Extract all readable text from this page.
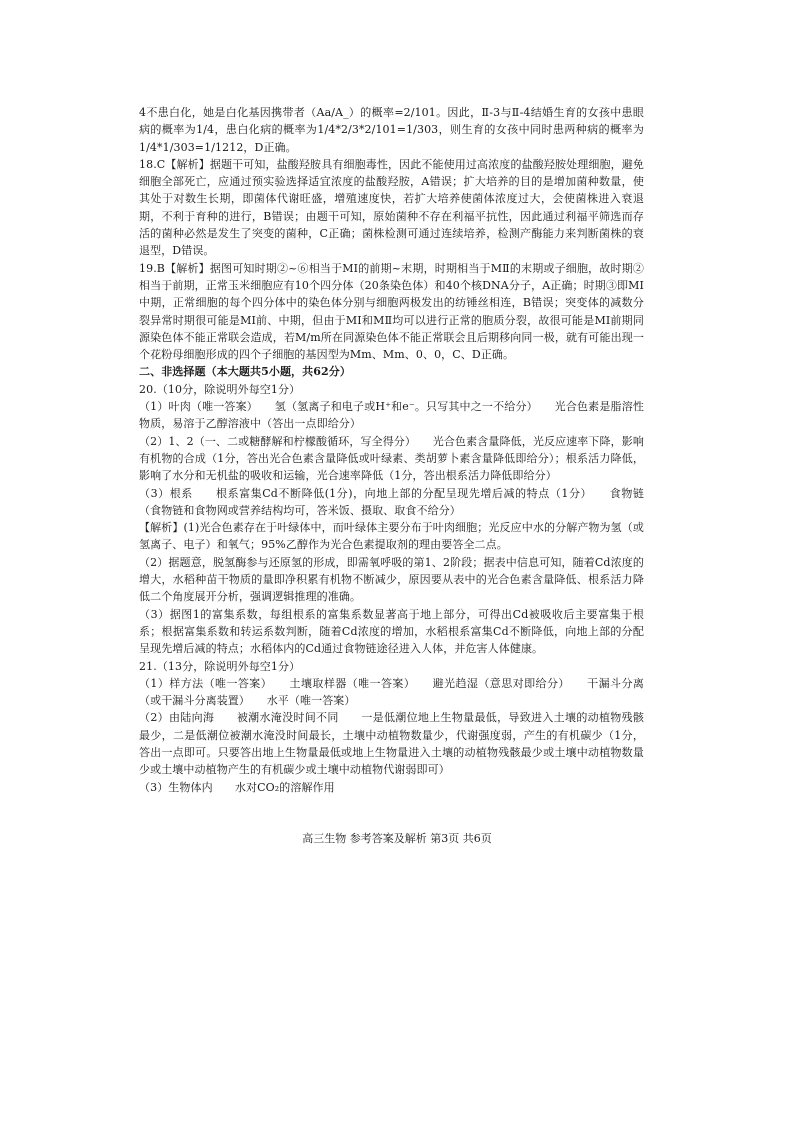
4不患白化，她是白化基因携带者（Aa/A_）的概率=2/101。因此，Ⅱ-3与Ⅱ-4结婚生育的女孩中患眼病的概率为1/4，患白化病的概率为1/4*2/3*2/101=1/303，则生育的女孩中同时患两种病的概率为1/4*1/303=1/1212，D正确。

18.C【解析】据题干可知，盐酸羟胺具有细胞毒性，因此不能使用过高浓度的盐酸羟胺处理细胞，避免细胞全部死亡，应通过预实验选择适宜浓度的盐酸羟胺，A错误；扩大培养的目的是增加菌种数量，使其处于对数生长期，即菌体代谢旺盛，增殖速度快，若扩大培养使菌体浓度过大，会使菌株进入衰退期，不利于育种的进行，B错误；由题干可知，原始菌种不存在利福平抗性，因此通过利福平筛选而存活的菌种必然是发生了突变的菌种，C正确；菌株检测可通过连续培养，检测产酶能力来判断菌株的衰退型，D错误。

19.B【解析】据图可知时期②~⑥相当于MI的前期~末期，时期相当于MⅡ的末期或子细胞，故时期②相当于前期，正常玉米细胞应有10个四分体（20条染色体）和40个核DNA分子，A正确；时期③即MI中期，正常细胞的每个四分体中的染色体分别与细胞两极发出的纺锤丝相连，B错误；突变体的减数分裂异常时期很可能是MI前、中期，但由于MI和MⅡ均可以进行正常的胞质分裂，故很可能是MI前期同源染色体不能正常联会造成，若M/m所在同源染色体不能正常联会且后期移向同一极，就有可能出现一个花粉母细胞形成的四个子细胞的基因型为Mm、Mm、0、0，C、D正确。

二、非选择题（本大题共5小题，共62分）

20.（10分，除说明外每空1分）

（1）叶肉（唯一答案）　　氢（氢离子和电子或H⁺和e⁻。只写其中之一不给分）　　光合色素是脂溶性物质，易溶于乙醇溶液中（答出一点即给分）

（2）1、2（一、二或糖酵解和柠檬酸循环，写全得分）　　光合色素含量降低，光反应速率下降，影响有机物的合成（1分，答出光合色素含量降低或叶绿素、类胡萝卜素含量降低即给分）；根系活力降低，影响了水分和无机盐的吸收和运输，光合速率降低（1分，答出根系活力降低即给分）

（3）根系　　根系富集Cd不断降低(1分)，向地上部的分配呈现先增后减的特点（1分）　　食物链（食物链和食物网或营养结构均可，答米饭、摄取、取食不给分）

【解析】(1)光合色素存在于叶绿体中，而叶绿体主要分布于叶肉细胞；光反应中水的分解产物为氢（或氢离子、电子）和氧气；95%乙醇作为光合色素提取剂的理由要答全二点。

（2）据题意，脱氢酶参与还原氢的形成，即需氧呼吸的第1、2阶段；据表中信息可知，随着Cd浓度的增大，水稻种苗干物质的量即净积累有机物不断减少，原因要从表中的光合色素含量降低、根系活力降低二个角度展开分析，强调逻辑推理的准确。

（3）据图1的富集系数，每组根系的富集系数显著高于地上部分，可得出Cd被吸收后主要富集于根系；根据富集系数和转运系数判断，随着Cd浓度的增加，水稻根系富集Cd不断降低，向地上部的分配呈现先增后减的特点；水稻体内的Cd通过食物链途径进入人体，并危害人体健康。

21.（13分，除说明外每空1分）

（1）样方法（唯一答案）　　土壤取样器（唯一答案）　　避光趋湿（意思对即给分）　　干漏斗分离（或干漏斗分离装置）　　水平（唯一答案）

（2）由陆向海　　被潮水淹没时间不同　　一是低潮位地上生物量最低，导致进入土壤的动植物残骸最少，二是低潮位被潮水淹没时间最长，土壤中动植物数量少，代谢强度弱，产生的有机碳少（1分，答出一点即可。只要答出地上生物量最低或地上生物量进入土壤的动植物残骸最少或土壤中动植物数量少或土壤中动植物产生的有机碳少或土壤中动植物代谢弱即可）

（3）生物体内　　水对CO₂的溶解作用

高三生物 参考答案及解析 第3页 共6页
